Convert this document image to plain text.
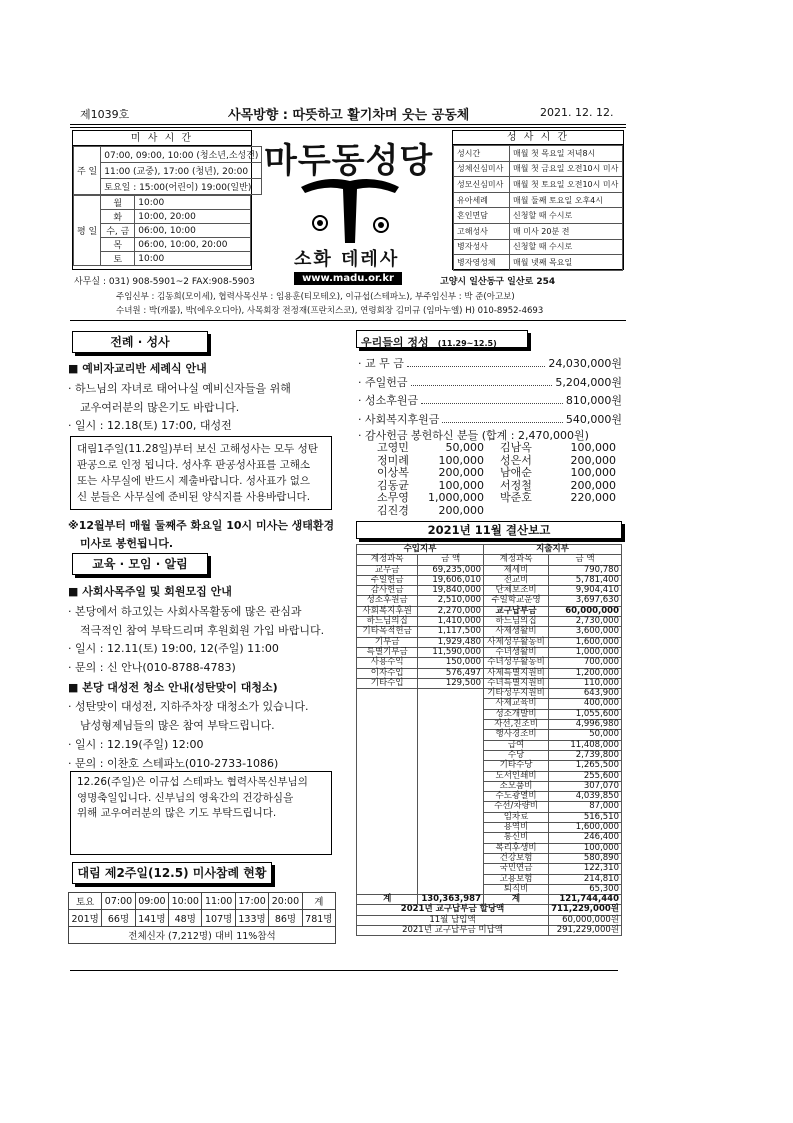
제1039호	사목방향 : 따뜻하고 활기차며 웃는 공동체	2021. 12. 12.
미 사 시 간
주 일	07:00, 09:00, 10:00 (청소년,소성전)
11:00 (교중), 17:00 (청년), 20:00
토요일 : 15:00(어린이) 19:00(일반)
평 일	월	10:00
	화	10:00, 20:00
	수, 금	06:00, 10:00
	목	06:00, 10:00, 20:00
	토	10:00
마두동성당
소화 데레사
www.madu.or.kr
성 사 시 간
성시간	매월 첫 목요일 저녁8시
성체신심미사	매월 첫 금요일 오전10시 미사
성모신심미사	매월 첫 토요일 오전10시 미사
유아세례	매월 둘째 토요일 오후4시
혼인면담	신청할 때 수시로
고해성사	매 미사 20분 전
병자성사	신청할 때 수시로
병자영성체	매월 넷째 목요일
사무실 : 031) 908-5901~2 FAX:908-5903	고양시 일산동구 일산로 254
주임신부 : 김동희(모이세), 협력사목신부 : 임용훈(티모테오), 이규섭(스테파노), 부주임신부 : 박 준(아고보)
수녀원 : 박(캐롤), 박(에우오디아), 사목회장 전정재(프란치스코), 연령회장 김미규 (임마누엘) H) 010-8952-4693
전례 · 성사
■ 예비자교리반 세례식 안내
· 하느님의 자녀로 태어나실 예비신자들을 위해
교우여러분의 많은기도 바랍니다.
· 일시 : 12.18(토) 17:00, 대성전
대림1주일(11.28일)부터 보신 고해성사는 모두 성탄
판공으로 인정 됩니다. 성사후 판공성사표를 고해소
또는 사무실에 반드시 제출바랍니다. 성사표가 없으
신 분들은 사무실에 준비된 양식지를 사용바랍니다.
※12월부터 매월 둘째주 화요일 10시 미사는 생태환경
미사로 봉헌됩니다.
교육 · 모임 · 알림
■ 사회사목주일 및 회원모집 안내
· 본당에서 하고있는 사회사목활동에 많은 관심과
적극적인 참여 부탁드리며 후원회원 가입 바랍니다.
· 일시 : 12.11(토) 19:00, 12(주일) 11:00
· 문의 : 신 안나(010-8788-4783)
■ 본당 대성전 청소 안내(성탄맞이 대청소)
· 성탄맞이 대성전, 지하주차장 대청소가 있습니다.
남성형제님들의 많은 참여 부탁드립니다.
· 일시 : 12.19(주일) 12:00
· 문의 : 이찬호 스테파노(010-2733-1086)
12.26(주일)은 이규섭 스테파노 협력사목신부님의
영명축일입니다. 신부님의 영육간의 건강하심을
위해 교우여러분의 많은 기도 부탁드립니다.
대림 제2주일(12.5) 미사참례 현황
토요	07:00	09:00	10:00	11:00	17:00	20:00	계
201명	66명	141명	48명	107명	133명	86명	781명
전체신자 (7,212명) 대비 11%참석							
우리들의 정성 (11.29~12.5)
· 교 무 금	24,030,000원
· 주일헌금	5,204,000원
· 성소후원금	810,000원
· 사회복지후원금	540,000원
· 감사헌금 봉헌하신 분들 (합계 : 2,470,000원)
고영민	50,000	김남옥	100,000
정미례	100,000	성은서	200,000
이상복	200,000	남애순	100,000
김동균	100,000	서정철	200,000
소무영	1,000,000	박준호	220,000
김진경	200,000		
2021년 11월 결산보고
수입지부		지출지부	
계정과목	금 액	계정과목	금 액
교무금	69,235,000	제세비	790,780
주일헌금	19,606,010	전교비	5,781,400
감사헌금	19,840,000	단체보조비	9,904,410
성소후원금	2,510,000	주일학교운영	3,697,630
사회복지후원	2,270,000	교구납부금	60,000,000
하느님의집	1,410,000	하느님의집	2,730,000
기타목적헌금	1,117,500	사제생활비	3,600,000
기부금	1,929,480	사제성무활동비	1,600,000
특별기부금	11,590,000	수녀생활비	1,000,000
사용수익	150,000	수녀성무활동비	700,000
이자수입	576,497	사제특별지원비	1,200,000
기타수입	129,500	수녀특별지원비	110,000
		기타성무지원비	643,900
		사제교육비	400,000
		성소개발비	1,055,600
		자선,친조비	4,996,980
		행사경조비	50,000
		급여	11,408,000
		수당	2,739,800
		기타수당	1,265,500
		도서인쇄비	255,600
		소모품비	307,070
		수도광열비	4,039,850
		수선/차량비	87,000
		임차료	516,510
		용역비	1,600,000
		통신비	246,400
		복리후생비	100,000
		건강보험	580,890
		국민연금	122,310
		고용보험	214,810
		퇴직비	65,300
계	130,363,987	계	121,744,440
2021년 교구납부금 할당액			711,229,000원
11월 납입액			60,000,000원
2021년 교구납부금 미납액			291,229,000원
